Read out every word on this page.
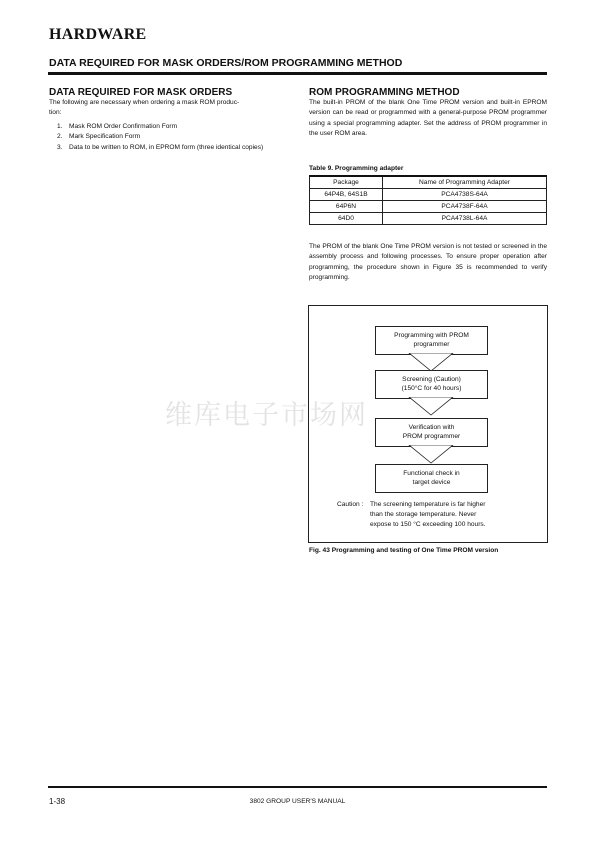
HARDWARE
DATA REQUIRED FOR MASK ORDERS/ROM PROGRAMMING METHOD
DATA REQUIRED FOR MASK ORDERS
The following are necessary when ordering a mask ROM produc-
tion:
1. Mask ROM Order Confirmation Form
2. Mark Specification Form
3. Data to be written to ROM, in EPROM form (three identical copies)
ROM PROGRAMMING METHOD
The built-in PROM of the blank One Time PROM version and built-in EPROM version can be read or programmed with a general-purpose PROM programmer using a special programming adapter. Set the address of PROM programmer in the user ROM area.
Table 9. Programming adapter
Package	Name of Programming Adapter
64P4B, 64S1B	PCA4738S-64A
64P6N	PCA4738F-64A
64D0	PCA4738L-64A
The PROM of the blank One Time PROM version is not tested or screened in the assembly process and following processes. To ensure proper operation after programming, the procedure shown in Figure 35 is recommended to verify programming.
Programming with PROM
programmer
Screening (Caution)
(150°C for 40 hours)
Verification with
PROM programmer
Functional check in
target device
Caution : The screening temperature is far higher
than the storage temperature. Never
expose to 150 °C exceeding 100 hours.
Fig. 43 Programming and testing of One Time PROM version
维库电子市场网
1-38	3802 GROUP USER'S MANUAL
